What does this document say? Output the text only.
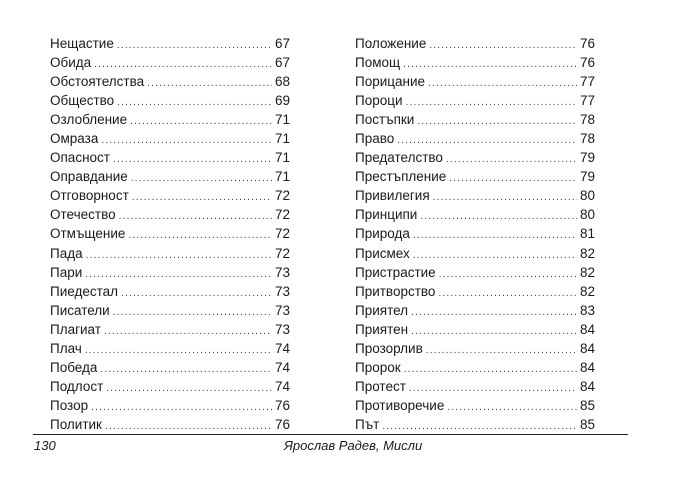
Нещастие .....	67
Обида .....	67
Обстоятелства .....	68
Общество .....	69
Озлобление .....	71
Омраза .....	71
Опасност .....	71
Оправдание .....	71
Отговорност .....	72
Отечество .....	72
Отмъщение .....	72
Пада .....	72
Пари .....	73
Пиедестал .....	73
Писатели .....	73
Плагиат .....	73
Плач .....	74
Победа .....	74
Подлост .....	74
Позор .....	76
Политик .....	76
Положение .....	76
Помощ .....	76
Порицание .....	77
Пороци .....	77
Постъпки .....	78
Право .....	78
Предателство .....	79
Престъпление .....	79
Привилегия .....	80
Принципи .....	80
Природа .....	81
Присмех .....	82
Пристрастие .....	82
Притворство .....	82
Приятел .....	83
Приятен .....	84
Прозорлив .....	84
Пророк .....	84
Протест .....	84
Противоречие .....	85
Път .....	85
130	Ярослав Радев, Мисли
